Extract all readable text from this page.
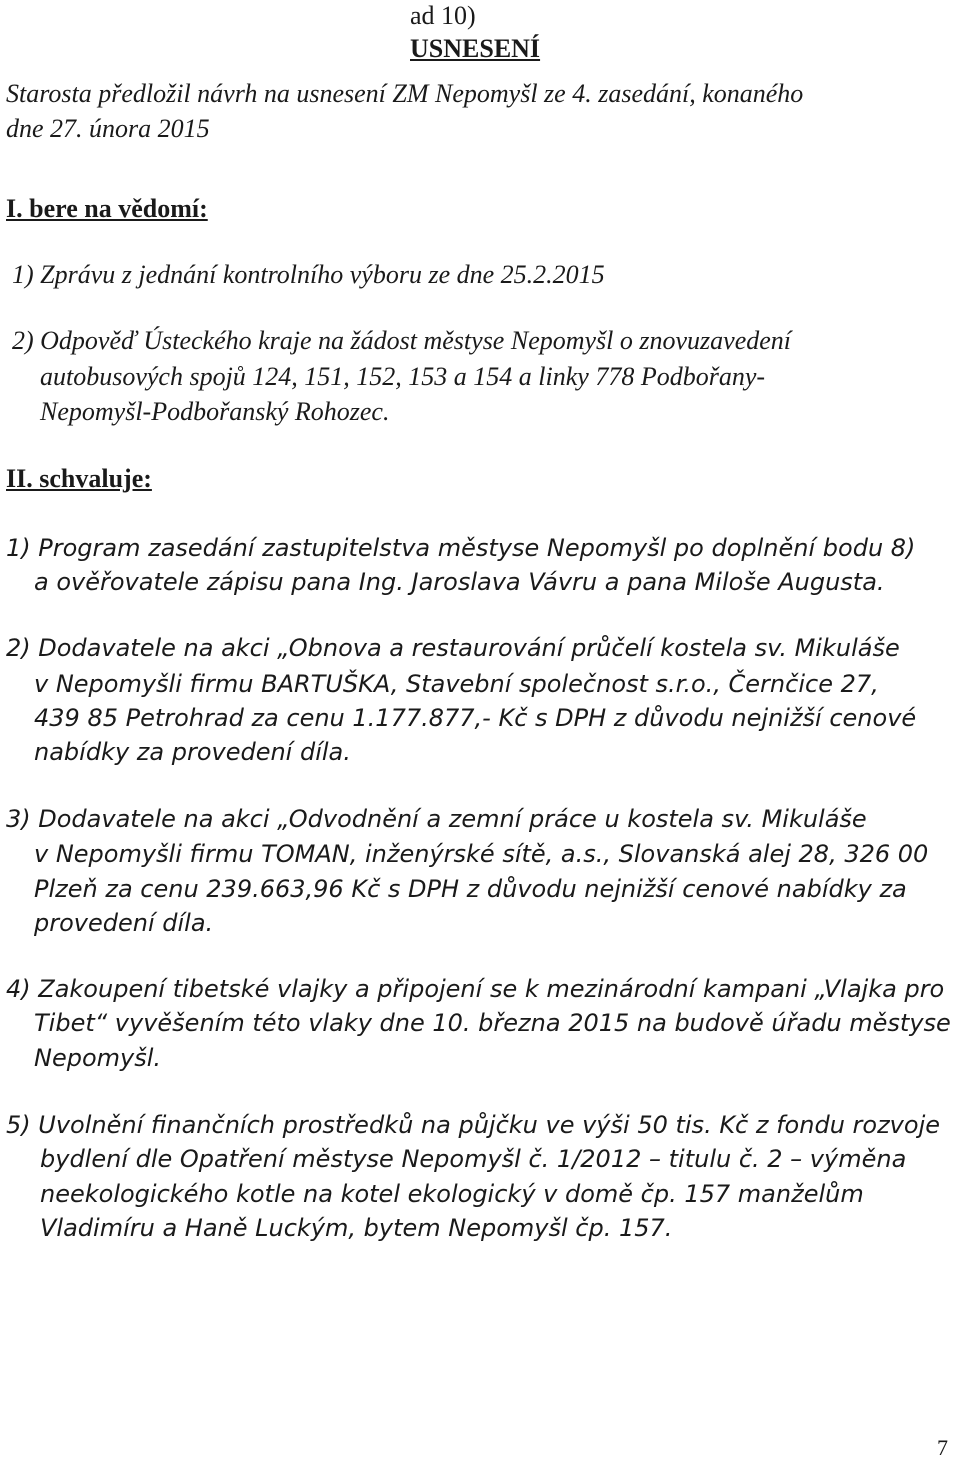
ad 10)
USNESENÍ
Starosta předložil návrh na usnesení ZM Nepomyšl ze 4. zasedání, konaného
dne 27. února 2015
I. bere na vědomí:
1) Zprávu z jednání kontrolního výboru ze dne 25.2.2015
2) Odpověď Ústeckého kraje na žádost městyse Nepomyšl o znovuzavedení
autobusových spojů 124, 151, 152, 153 a 154 a linky 778 Podbořany-
Nepomyšl-Podbořanský Rohozec.
II. schvaluje:
1) Program zasedání zastupitelstva městyse Nepomyšl po doplnění bodu 8)
a ověřovatele zápisu pana Ing. Jaroslava Vávru a pana Miloše Augusta.
2) Dodavatele na akci „Obnova a restaurování průčelí kostela sv. Mikuláše
v Nepomyšli firmu BARTUŠKA, Stavební společnost s.r.o., Černčice 27,
439 85 Petrohrad za cenu 1.177.877,- Kč s DPH z důvodu nejnižší cenové
nabídky za provedení díla.
3) Dodavatele na akci „Odvodnění a zemní práce u kostela sv. Mikuláše
v Nepomyšli firmu TOMAN, inženýrské sítě, a.s., Slovanská alej 28, 326 00
Plzeň za cenu 239.663,96 Kč s DPH z důvodu nejnižší cenové nabídky za
provedení díla.
4) Zakoupení tibetské vlajky a připojení se k mezinárodní kampani „Vlajka pro
Tibet“ vyvěšením této vlaky dne 10. března 2015 na budově úřadu městyse
Nepomyšl.
5) Uvolnění finančních prostředků na půjčku ve výši 50 tis. Kč z fondu rozvoje
bydlení dle Opatření městyse Nepomyšl č. 1/2012 – titulu č. 2 – výměna
neekologického kotle na kotel ekologický v domě čp. 157 manželům
Vladimíru a Haně Luckým, bytem Nepomyšl čp. 157.
7
